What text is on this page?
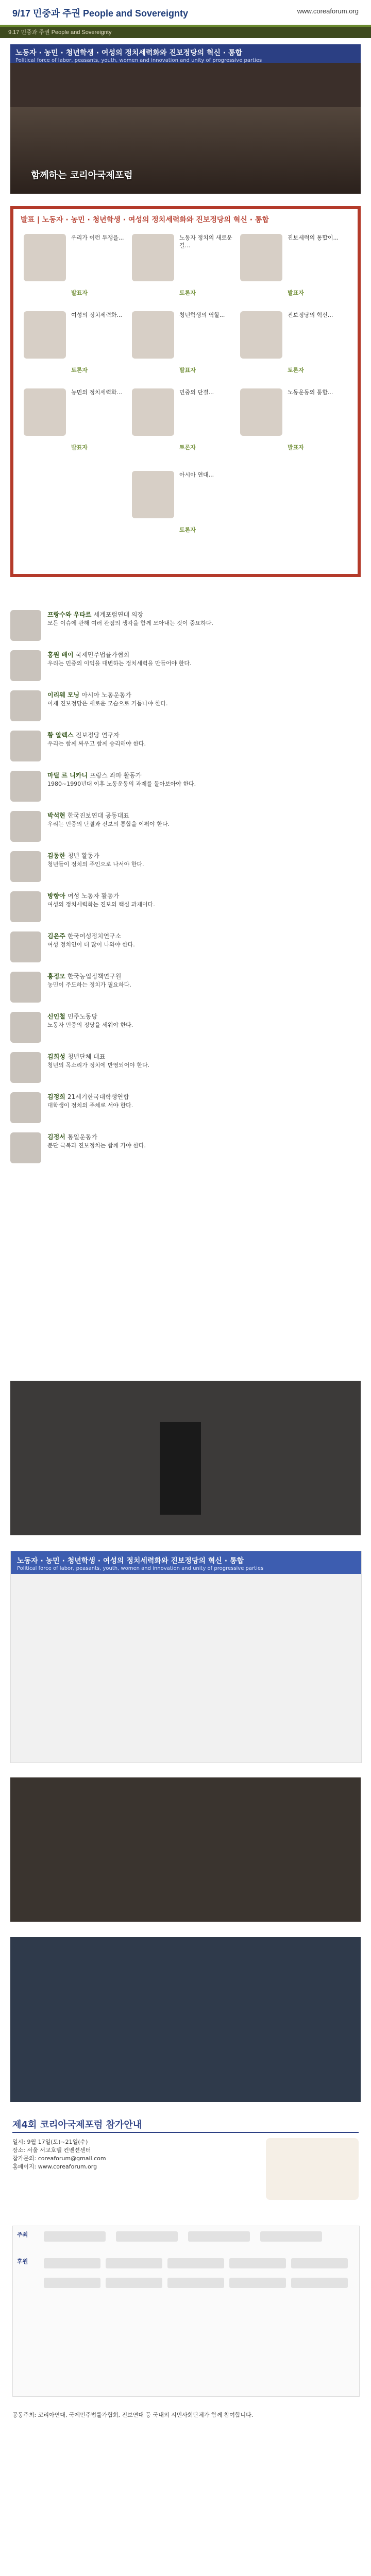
9/17 민중과 주권 People and Sovereignty	www.coreaforum.org
9.17 민중과 주권 People and Sovereignty
노동자 · 농민 · 청년학생 · 여성의 정치세력화와 진보정당의 혁신 · 통합
Political force of labor, peasants, youth, women and innovation and unity of progressive parties
함께하는 코리아국제포럼
발표 | 노동자 · 농민 · 청년학생 · 여성의 정치세력화와 진보정당의 혁신 · 통합
우리가 이런 투쟁을...
발표자
노동자 정치의 새로운 길...
토론자
진보세력의 통합이...
발표자
여성의 정치세력화...
토론자
청년학생의 역할...
발표자
진보정당의 혁신...
토론자
농민의 정치세력화...
발표자
민중의 단결...
토론자
노동운동의 통합...
발표자
아시아 연대...
토론자
프랑수와 우타르 세계포럼연대 의장
모든 이슈에 관해 여러 관점의 생각을 함께 모아내는 것이 중요하다.
홍원 배이 국제민주법률가협회
우리는 민중의 이익을 대변하는 정치세력을 만들어야 한다.
이리웨 모닝 아시아 노동운동가
이제 진보정당은 새로운 모습으로 거듭나야 한다.
황 알렉스 진보정당 연구자
우리는 함께 싸우고 함께 승리해야 한다.
마틸 르 니카니 프랑스 좌파 활동가
1980~1990년대 이후 노동운동의 과제를 돌아보아야 한다.
박석현 한국진보연대 공동대표
우리는 민중의 단결과 진보의 통합을 이뤄야 한다.
김동한 청년 활동가
청년들이 정치의 주인으로 나서야 한다.
방향아 여성 노동자 활동가
여성의 정치세력화는 진보의 핵심 과제이다.
김은주 한국여성정치연구소
여성 정치인이 더 많이 나와야 한다.
홍정모 한국농업정책연구원
농민이 주도하는 정치가 필요하다.
신인철 민주노동당
노동자 민중의 정당을 세워야 한다.
김희성 청년단체 대표
청년의 목소리가 정치에 반영되어야 한다.
김정희 21세기한국대학생연합
대학생이 정치의 주체로 서야 한다.
김정서 통일운동가
분단 극복과 진보정치는 함께 가야 한다.
노동자 · 농민 · 청년학생 · 여성의 정치세력화와 진보정당의 혁신 · 통합
Political force of labor, peasants, youth, women and innovation and unity of progressive parties
제4회 코리아국제포럼 참가안내
일시: 9월 17일(토)~21일(수)
장소: 서울 서교호텔 컨벤션센터
참가문의: coreaforum@gmail.com
홈페이지: www.coreaforum.org
주최
후원
공동주최: 코리아연대, 국제민주법률가협회, 진보연대 등 국내외 시민사회단체가 함께 참여합니다.
